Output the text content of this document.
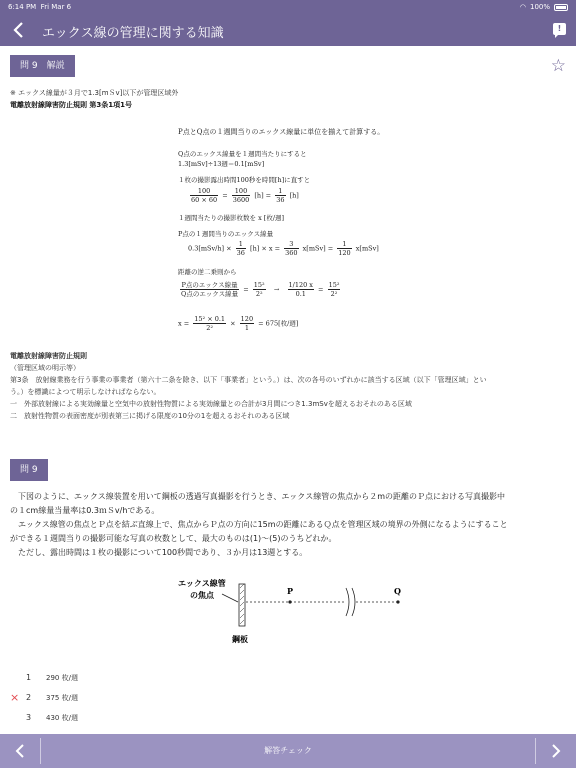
6:14 PM Fri Mar 6	◠ 100%
エックス線の管理に関する知識	!
問 9　解説	☆
※ エックス線量が３月で1.3[mＳv]以下が管理区域外
電離放射線障害防止規則 第3条1項1号
P点とQ点の１週間当りのエックス線量に単位を揃えて計算する。
Q点のエックス線量を１週間当たりにすると
1.3[mSv]÷13週＝0.1[mSv]
１枚の撮影露出時間100秒を時間[h]に直すと
$\frac{100}{60 \times 60} = \frac{100}{3600} [h] = \frac{1}{36} [h]$
１週間当たりの撮影枚数を x [枚/週]
P点の１週間当りのエックス線量
$0.3[mSv/h] \times \frac{1}{36} [h] \times x = \frac{3}{360} x[mSv] = \frac{1}{120} x[mSv]$
距離の逆二乗則から
$\frac{\text{P点のエックス線量}}{\text{Q点のエックス線量}} = \frac{\text{15²}}{\text{2²}} \to \frac{1/120 x}{0.1} = \frac{\text{15²}}{\text{2²}}$
$x = \frac{\text{15² × 0.1}}{\text{2²}} \times \frac{120}{1} = 675$[枚/週]
電離放射線障害防止規則
（管理区域の明示等）
第3条　放射線業務を行う事業の事業者（第六十二条を除き、以下「事業者」という。）は、次の各号のいずれかに該当する区域（以下「管理区域」とい
う。）を標識によつて明示しなければならない。
一　外部放射線による実効線量と空気中の放射性物質による実効線量との合計が3月間につき1.3mSvを超えるおそれのある区域
二　放射性物質の表面密度が別表第三に掲げる限度の10分の1を超えるおそれのある区域
問 9
　下図のように、エックス線装置を用いて鋼板の透過写真撮影を行うとき、エックス線管の焦点から２mの距離のＰ点における写真撮影中
の１cm線量当量率は0.3ｍＳv/hである。
　エックス線管の焦点とＰ点を結ぶ直線上で、焦点からＰ点の方向に15mの距離にあるＱ点を管理区域の境界の外側になるようにすること
ができる１週間当りの撮影可能な写真の枚数として、最大のものは(1)～(5)のうちどれか。
　ただし、露出時間は１枚の撮影について100秒間であり、３か月は13週とする。
エックス線管
の焦点	P	Q
鋼板
1 290 枚/週
× 2 375 枚/週
3 430 枚/週
解答チェック
